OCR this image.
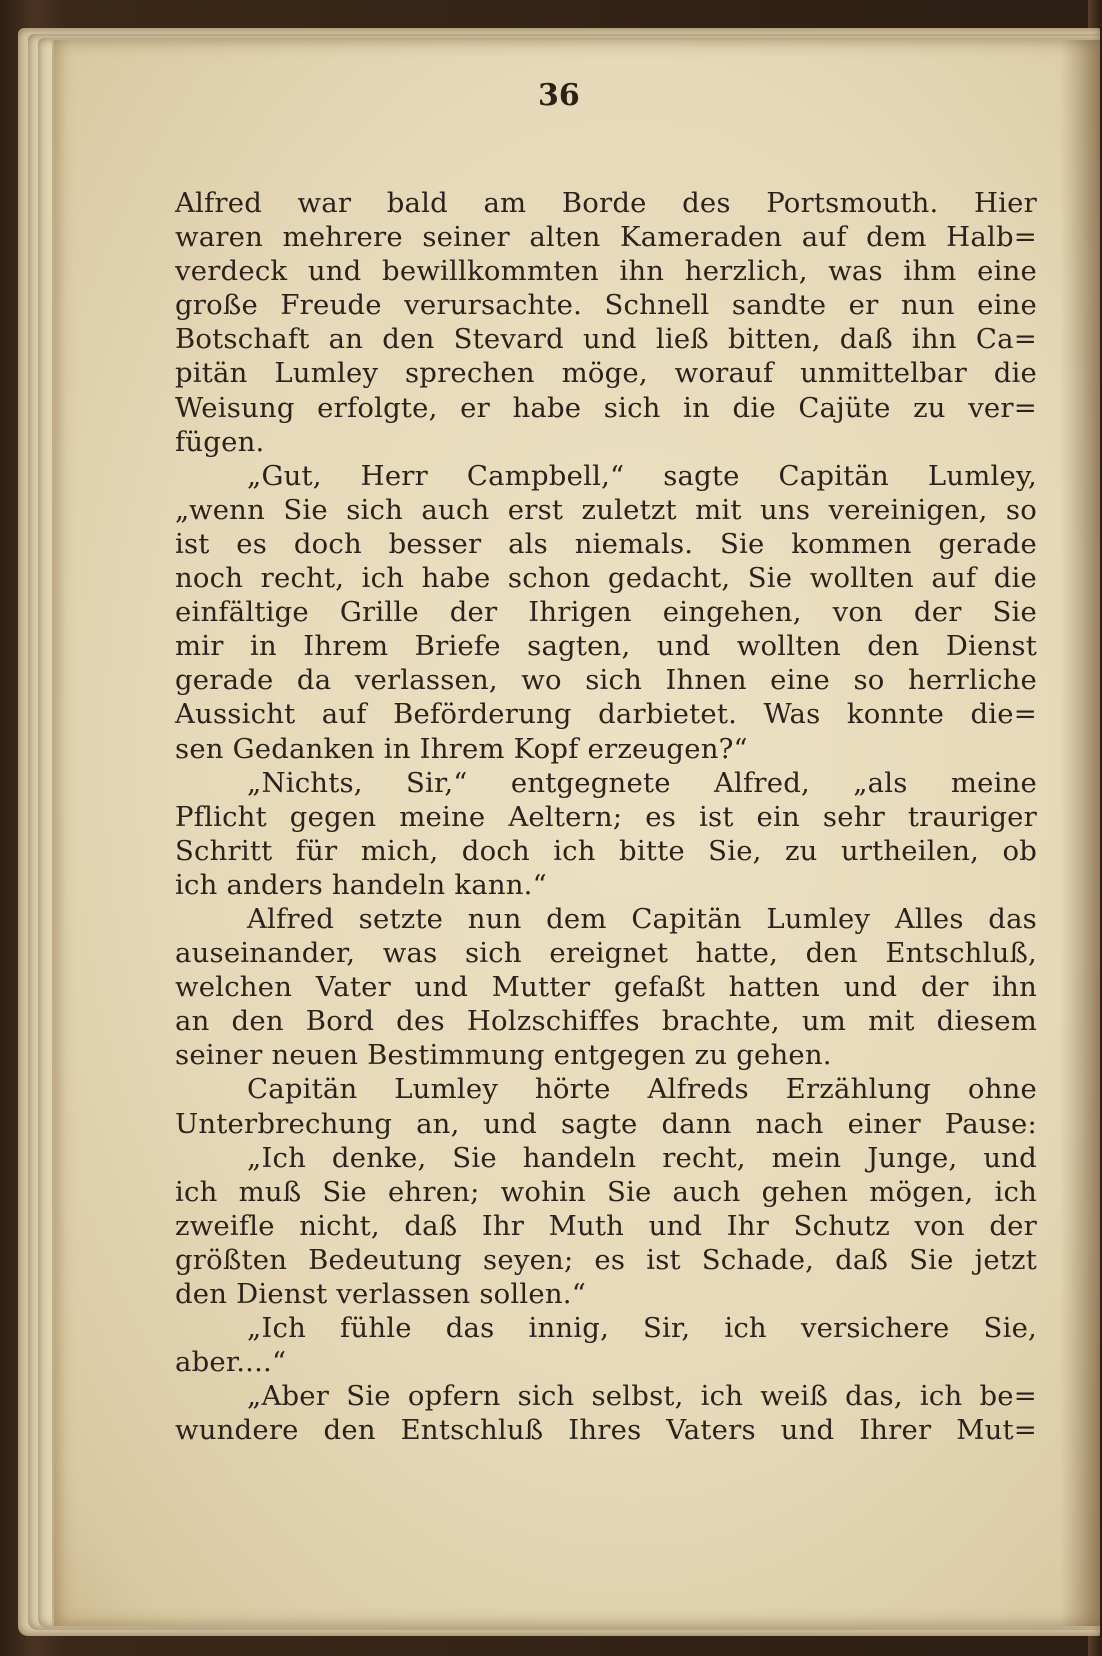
36
Alfred war bald am Borde des Portsmouth. Hier
waren mehrere seiner alten Kameraden auf dem Halb=
verdeck und bewillkommten ihn herzlich, was ihm eine
große Freude verursachte. Schnell sandte er nun eine
Botschaft an den Stevard und ließ bitten, daß ihn Ca=
pitän Lumley sprechen möge, worauf unmittelbar die
Weisung erfolgte, er habe sich in die Cajüte zu ver=
fügen.
„Gut, Herr Campbell,“ sagte Capitän Lumley,
„wenn Sie sich auch erst zuletzt mit uns vereinigen, so
ist es doch besser als niemals. Sie kommen gerade
noch recht, ich habe schon gedacht, Sie wollten auf die
einfältige Grille der Ihrigen eingehen, von der Sie
mir in Ihrem Briefe sagten, und wollten den Dienst
gerade da verlassen, wo sich Ihnen eine so herrliche
Aussicht auf Beförderung darbietet. Was konnte die=
sen Gedanken in Ihrem Kopf erzeugen?“
„Nichts, Sir,“ entgegnete Alfred, „als meine
Pflicht gegen meine Aeltern; es ist ein sehr trauriger
Schritt für mich, doch ich bitte Sie, zu urtheilen, ob
ich anders handeln kann.“
Alfred setzte nun dem Capitän Lumley Alles das
auseinander, was sich ereignet hatte, den Entschluß,
welchen Vater und Mutter gefaßt hatten und der ihn
an den Bord des Holzschiffes brachte, um mit diesem
seiner neuen Bestimmung entgegen zu gehen.
Capitän Lumley hörte Alfreds Erzählung ohne
Unterbrechung an, und sagte dann nach einer Pause:
„Ich denke, Sie handeln recht, mein Junge, und
ich muß Sie ehren; wohin Sie auch gehen mögen, ich
zweifle nicht, daß Ihr Muth und Ihr Schutz von der
größten Bedeutung seyen; es ist Schade, daß Sie jetzt
den Dienst verlassen sollen.“
„Ich fühle das innig, Sir, ich versichere Sie,
aber....“
„Aber Sie opfern sich selbst, ich weiß das, ich be=
wundere den Entschluß Ihres Vaters und Ihrer Mut=
